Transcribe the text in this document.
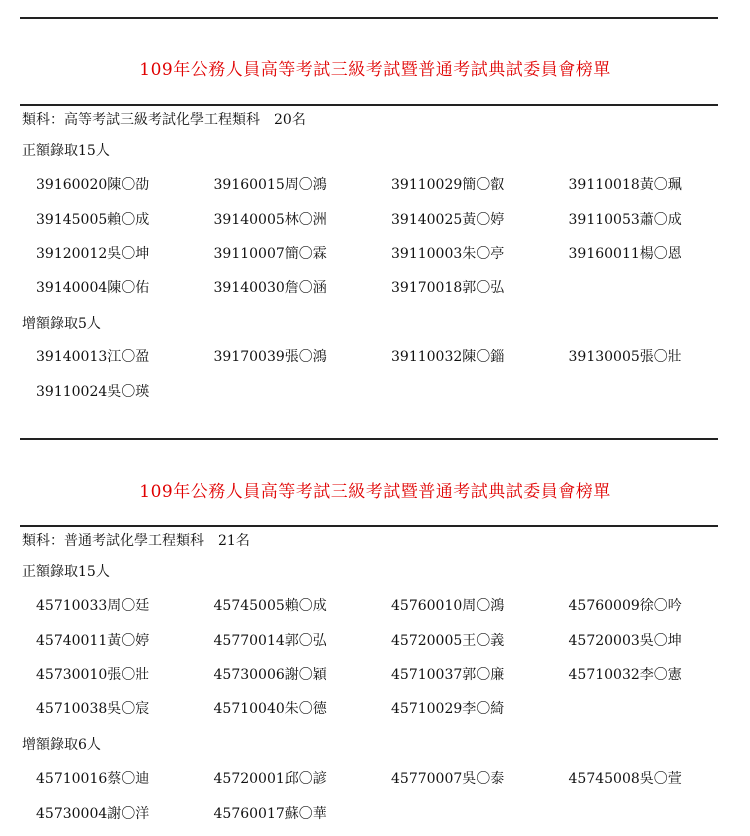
109年公務人員高等考試三級考試暨普通考試典試委員會榜單
類科：高等考試三級考試化學工程類科　20名
正額錄取15人
39160020陳〇劭	39160015周〇鴻	39110029簡〇叡	39110018黃〇珮
39145005賴〇成	39140005林〇洲	39140025黃〇婷	39110053蕭〇成
39120012吳〇坤	39110007簡〇霖	39110003朱〇亭	39160011楊〇恩
39140004陳〇佑	39140030詹〇涵	39170018郭〇弘
增額錄取5人
39140013江〇盈	39170039張〇鴻	39110032陳〇錙	39130005張〇壯
39110024吳〇瑛
109年公務人員高等考試三級考試暨普通考試典試委員會榜單
類科：普通考試化學工程類科　21名
正額錄取15人
45710033周〇廷	45745005賴〇成	45760010周〇鴻	45760009徐〇吟
45740011黃〇婷	45770014郭〇弘	45720005王〇義	45720003吳〇坤
45730010張〇壯	45730006謝〇穎	45710037郭〇廉	45710032李〇憲
45710038吳〇宸	45710040朱〇德	45710029李〇綺
增額錄取6人
45710016蔡〇迪	45720001邱〇諺	45770007吳〇泰	45745008吳〇萱
45730004謝〇洋	45760017蘇〇華
